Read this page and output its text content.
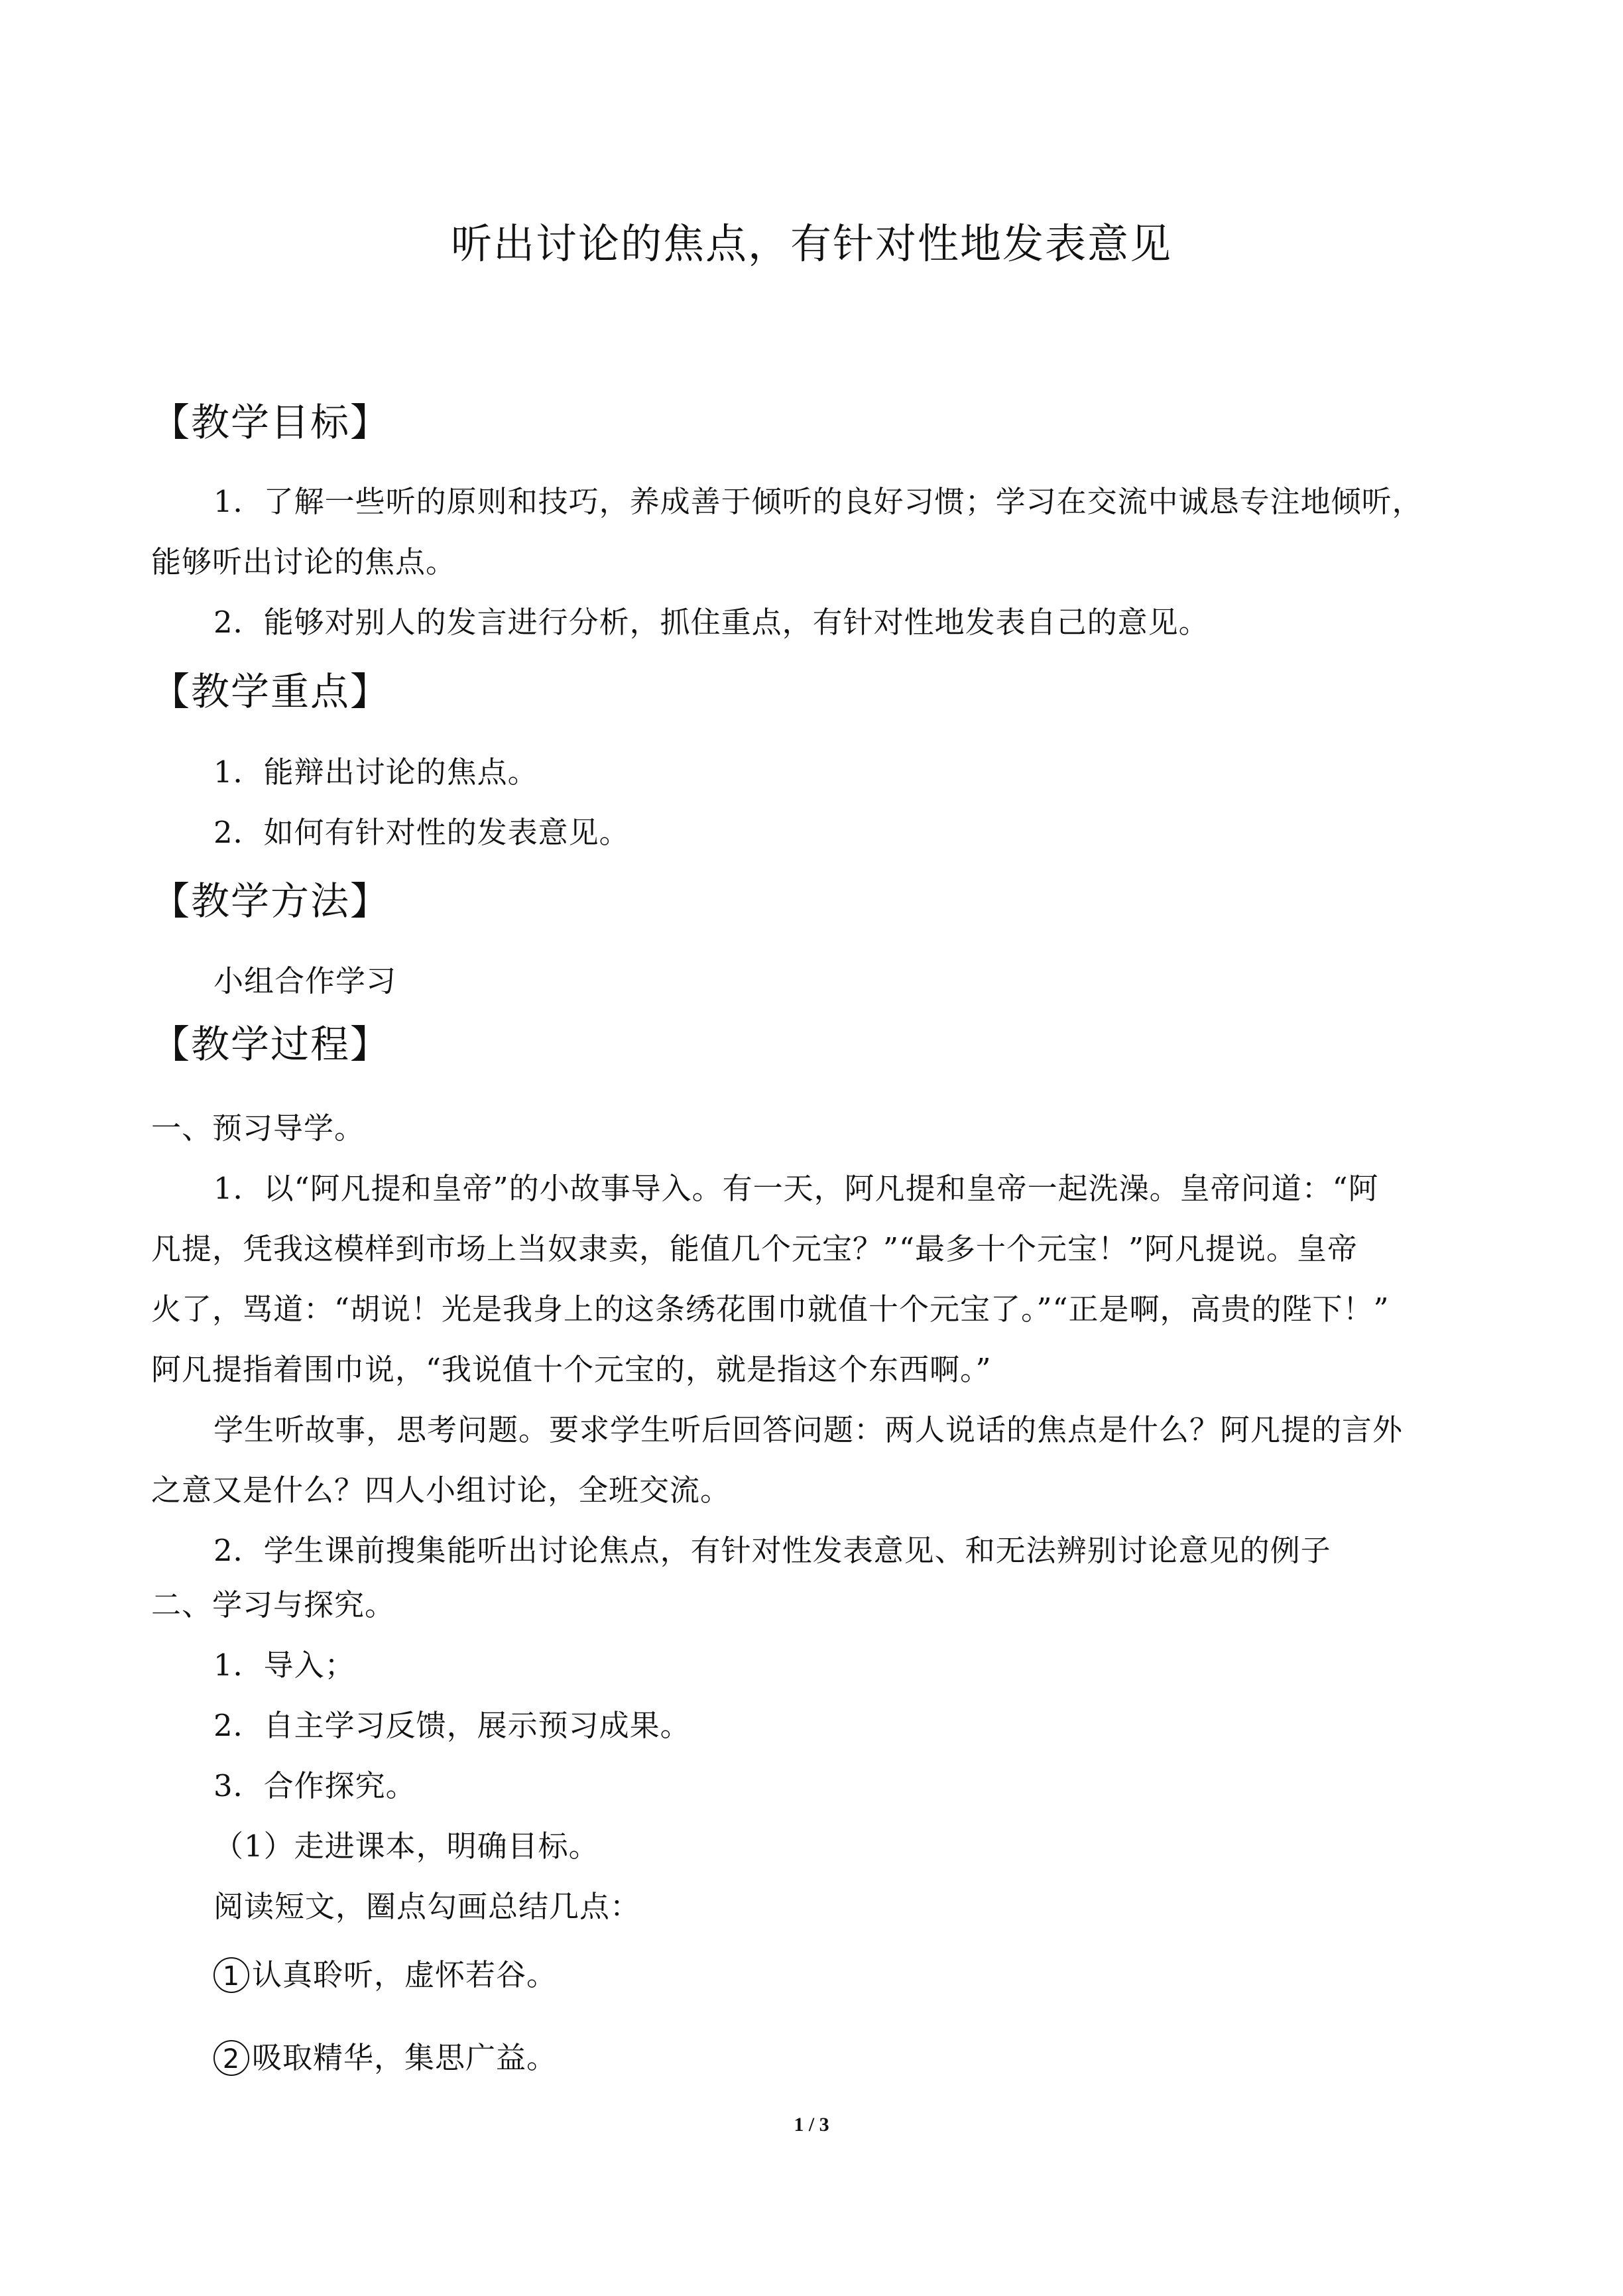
听出讨论的焦点，有针对性地发表意见
【教学目标】
1．了解一些听的原则和技巧，养成善于倾听的良好习惯；学习在交流中诚恳专注地倾听，
能够听出讨论的焦点。
2．能够对别人的发言进行分析，抓住重点，有针对性地发表自己的意见。
【教学重点】
1．能辩出讨论的焦点。
2．如何有针对性的发表意见。
【教学方法】
小组合作学习
【教学过程】
一、预习导学。
1．以“阿凡提和皇帝”的小故事导入。有一天，阿凡提和皇帝一起洗澡。皇帝问道：“阿
凡提，凭我这模样到市场上当奴隶卖，能值几个元宝？”“最多十个元宝！”阿凡提说。皇帝
火了，骂道：“胡说！光是我身上的这条绣花围巾就值十个元宝了。”“正是啊，高贵的陛下！”
阿凡提指着围巾说，“我说值十个元宝的，就是指这个东西啊。”
学生听故事，思考问题。要求学生听后回答问题：两人说话的焦点是什么？阿凡提的言外
之意又是什么？四人小组讨论，全班交流。
2．学生课前搜集能听出讨论焦点，有针对性发表意见、和无法辨别讨论意见的例子
二、学习与探究。
1．导入；
2．自主学习反馈，展示预习成果。
3．合作探究。
（1）走进课本，明确目标。
阅读短文，圈点勾画总结几点：
1 认真聆听，虚怀若谷。
2 吸取精华，集思广益。
1 / 3
